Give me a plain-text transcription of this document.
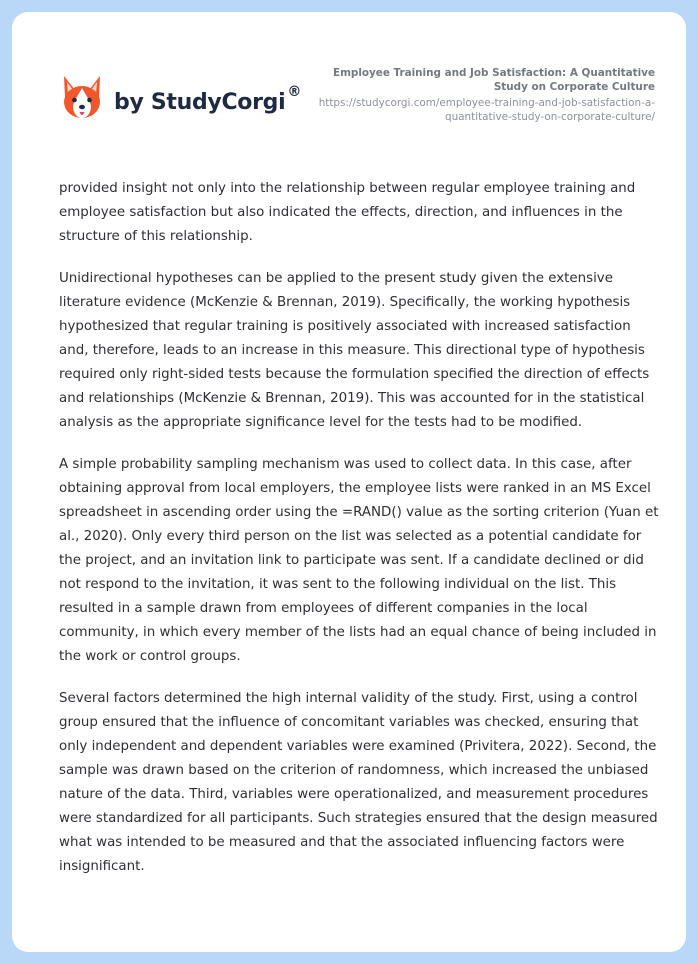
by StudyCorgi ®
Employee Training and Job Satisfaction: A Quantitative Study on Corporate Culture
https://studycorgi.com/employee-training-and-job-satisfaction-a-quantitative-study-on-corporate-culture/

provided insight not only into the relationship between regular employee training and employee satisfaction but also indicated the effects, direction, and influences in the structure of this relationship.

Unidirectional hypotheses can be applied to the present study given the extensive literature evidence (McKenzie & Brennan, 2019). Specifically, the working hypothesis hypothesized that regular training is positively associated with increased satisfaction and, therefore, leads to an increase in this measure. This directional type of hypothesis required only right-sided tests because the formulation specified the direction of effects and relationships (McKenzie & Brennan, 2019). This was accounted for in the statistical analysis as the appropriate significance level for the tests had to be modified.

A simple probability sampling mechanism was used to collect data. In this case, after obtaining approval from local employers, the employee lists were ranked in an MS Excel spreadsheet in ascending order using the =RAND() value as the sorting criterion (Yuan et al., 2020). Only every third person on the list was selected as a potential candidate for the project, and an invitation link to participate was sent. If a candidate declined or did not respond to the invitation, it was sent to the following individual on the list. This resulted in a sample drawn from employees of different companies in the local community, in which every member of the lists had an equal chance of being included in the work or control groups.

Several factors determined the high internal validity of the study. First, using a control group ensured that the influence of concomitant variables was checked, ensuring that only independent and dependent variables were examined (Privitera, 2022). Second, the sample was drawn based on the criterion of randomness, which increased the unbiased nature of the data. Third, variables were operationalized, and measurement procedures were standardized for all participants. Such strategies ensured that the design measured what was intended to be measured and that the associated influencing factors were insignificant.
